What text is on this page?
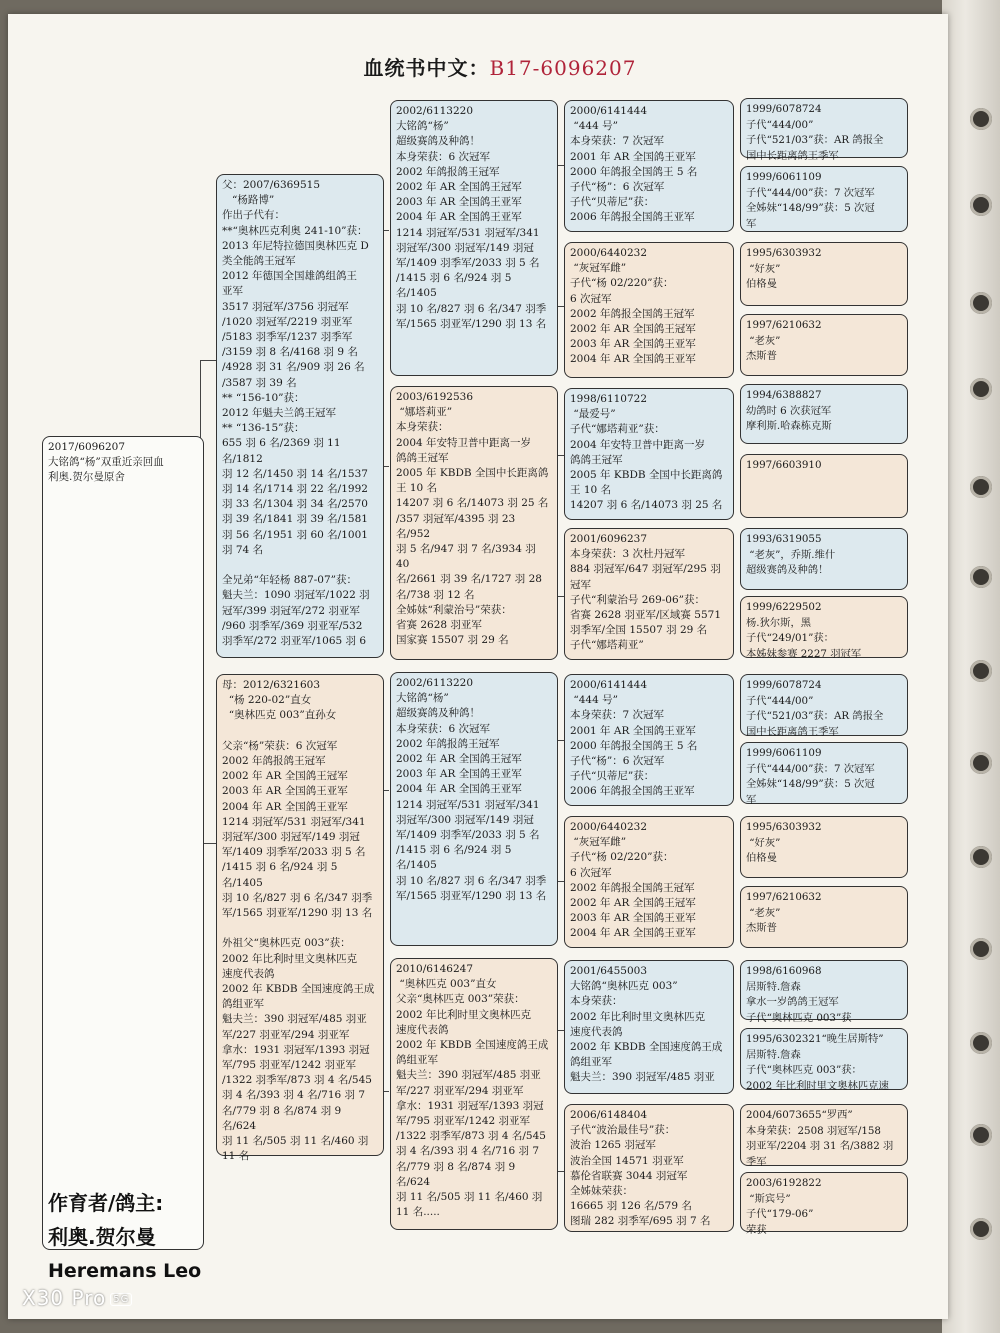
血统书中文：B17-6096207
2017/6096207
大铭鸽“杨”双重近亲回血
利奥.贺尔曼原舍
父：2007/6369515
“杨路博”
作出子代有：
**“奥林匹克利奥 241-10”获：
2013 年尼特拉德国奥林匹克 D
类全能鸽王冠军
2012 年德国全国雄鸽组鸽王
亚军
3517 羽冠军/3756 羽冠军
/1020 羽冠军/2219 羽亚军
/5183 羽季军/1237 羽季军
/3159 羽 8 名/4168 羽 9 名
/4928 羽 31 名/909 羽 26 名
/3587 羽 39 名
** “156-10”获：
2012 年魁夫兰鸽王冠军
** “136-15”获：
655 羽 6 名/2369 羽 11 名/1812
羽 12 名/1450 羽 14 名/1537
羽 14 名/1714 羽 22 名/1992
羽 33 名/1304 羽 34 名/2570
羽 39 名/1841 羽 39 名/1581
羽 56 名/1951 羽 60 名/1001
羽 74 名

全兄弟“年轻杨 887-07”获：
魁夫兰：1090 羽冠军/1022 羽
冠军/399 羽冠军/272 羽亚军
/960 羽季军/369 羽亚军/532
羽季军/272 羽亚军/1065 羽 6
母：2012/6321603
“杨 220-02”直女
“奥林匹克 003”直孙女

父亲“杨”荣获：6 次冠军
2002 年鸽报鸽王冠军
2002 年 AR 全国鸽王冠军
2003 年 AR 全国鸽王亚军
2004 年 AR 全国鸽王亚军
1214 羽冠军/531 羽冠军/341
羽冠军/300 羽冠军/149 羽冠
军/1409 羽季军/2033 羽 5 名
/1415 羽 6 名/924 羽 5 名/1405
羽 10 名/827 羽 6 名/347 羽季
军/1565 羽亚军/1290 羽 13 名

外祖父“奥林匹克 003”获：
2002 年比利时里文奥林匹克
速度代表鸽
2002 年 KBDB 全国速度鸽王成
鸽组亚军
魁夫兰：390 羽冠军/485 羽亚
军/227 羽亚军/294 羽亚军
拿水：1931 羽冠军/1393 羽冠
军/795 羽亚军/1242 羽亚军
/1322 羽季军/873 羽 4 名/545
羽 4 名/393 羽 4 名/716 羽 7
名/779 羽 8 名/874 羽 9 名/624
羽 11 名/505 羽 11 名/460 羽
11 名
2002/6113220
大铭鸽“杨”
超级赛鸽及种鸽！
本身荣获：6 次冠军
2002 年鸽报鸽王冠军
2002 年 AR 全国鸽王冠军
2003 年 AR 全国鸽王亚军
2004 年 AR 全国鸽王亚军
1214 羽冠军/531 羽冠军/341
羽冠军/300 羽冠军/149 羽冠
军/1409 羽季军/2033 羽 5 名
/1415 羽 6 名/924 羽 5 名/1405
羽 10 名/827 羽 6 名/347 羽季
军/1565 羽亚军/1290 羽 13 名
2003/6192536
“娜塔莉亚”
本身荣获：
2004 年安特卫普中距离一岁
鸽鸽王冠军
2005 年 KBDB 全国中长距离鸽
王 10 名
14207 羽 6 名/14073 羽 25 名
/357 羽冠军/4395 羽 23 名/952
羽 5 名/947 羽 7 名/3934 羽 40
名/2661 羽 39 名/1727 羽 28
名/738 羽 12 名
全姊妹“利蒙治号”荣获：
省赛 2628 羽亚军
国家赛 15507 羽 29 名
2002/6113220
大铭鸽“杨”
超级赛鸽及种鸽！
本身荣获：6 次冠军
2002 年鸽报鸽王冠军
2002 年 AR 全国鸽王冠军
2003 年 AR 全国鸽王亚军
2004 年 AR 全国鸽王亚军
1214 羽冠军/531 羽冠军/341
羽冠军/300 羽冠军/149 羽冠
军/1409 羽季军/2033 羽 5 名
/1415 羽 6 名/924 羽 5 名/1405
羽 10 名/827 羽 6 名/347 羽季
军/1565 羽亚军/1290 羽 13 名
2010/6146247
“奥林匹克 003”直女
父亲“奥林匹克 003”荣获：
2002 年比利时里文奥林匹克
速度代表鸽
2002 年 KBDB 全国速度鸽王成
鸽组亚军
魁夫兰：390 羽冠军/485 羽亚
军/227 羽亚军/294 羽亚军
拿水：1931 羽冠军/1393 羽冠
军/795 羽亚军/1242 羽亚军
/1322 羽季军/873 羽 4 名/545
羽 4 名/393 羽 4 名/716 羽 7
名/779 羽 8 名/874 羽 9 名/624
羽 11 名/505 羽 11 名/460 羽
11 名.....
2000/6141444
“444 号”
本身荣获：7 次冠军
2001 年 AR 全国鸽王亚军
2000 年鸽报全国鸽王 5 名
子代“杨”：6 次冠军
子代“贝蒂尼”获：
2006 年鸽报全国鸽王亚军
2000/6440232
“灰冠军雌”
子代“杨 02/220”获：
6 次冠军
2002 年鸽报全国鸽王冠军
2002 年 AR 全国鸽王冠军
2003 年 AR 全国鸽王亚军
2004 年 AR 全国鸽王亚军
1998/6110722
“最爱号”
子代“娜塔莉亚”获：
2004 年安特卫普中距离一岁
鸽鸽王冠军
2005 年 KBDB 全国中长距离鸽
王 10 名
14207 羽 6 名/14073 羽 25 名
2001/6096237
本身荣获：3 次杜丹冠军
884 羽冠军/647 羽冠军/295 羽
冠军
子代“利蒙治号 269-06”获：
省赛 2628 羽亚军/区域赛 5571
羽季军/全国 15507 羽 29 名
子代“娜塔莉亚”
2000/6141444
“444 号”
本身荣获：7 次冠军
2001 年 AR 全国鸽王亚军
2000 年鸽报全国鸽王 5 名
子代“杨”：6 次冠军
子代“贝蒂尼”获：
2006 年鸽报全国鸽王亚军
2000/6440232
“灰冠军雌”
子代“杨 02/220”获：
6 次冠军
2002 年鸽报全国鸽王冠军
2002 年 AR 全国鸽王冠军
2003 年 AR 全国鸽王亚军
2004 年 AR 全国鸽王亚军
2001/6455003
大铭鸽“奥林匹克 003”
本身荣获：
2002 年比利时里文奥林匹克
速度代表鸽
2002 年 KBDB 全国速度鸽王成
鸽组亚军
魁夫兰：390 羽冠军/485 羽亚
2006/6148404
子代“波治最佳号”获：
波治 1265 羽冠军
波治全国 14571 羽亚军
慕伦省联赛 3044 羽冠军
全姊妹荣获：
16665 羽 126 名/579 名
图瑞 282 羽季军/695 羽 7 名
1999/6078724
子代“444/00”
子代“521/03”获：AR 鸽报全
国中长距离鸽王季军
1999/6061109
子代“444/00”获：7 次冠军
全姊妹“148/99”获：5 次冠
军
1995/6303932
“好灰”
伯格曼
1997/6210632
“老灰”
杰斯普
1994/6388827
幼鸽时 6 次获冠军
摩利斯.哈森栋克斯
1997/6603910
1993/6319055
“老灰”，乔斯.维什
超级赛鸽及种鸽！
1999/6229502
杨.狄尔斯，黑
子代“249/01”获：
本姊妹参赛 2227 羽冠军
1999/6078724
子代“444/00”
子代“521/03”获：AR 鸽报全
国中长距离鸽王季军
1999/6061109
子代“444/00”获：7 次冠军
全姊妹“148/99”获：5 次冠
军
1995/6303932
“好灰”
伯格曼
1997/6210632
“老灰”
杰斯普
1998/6160968
居斯特.詹森
拿水一岁鸽鸽王冠军
子代“奥林匹克 003”获
1995/6302321“晚生居斯特”
居斯特.詹森
子代“奥林匹克 003”获：
2002 年比利时里文奥林匹克速
2004/6073655“罗西”
本身荣获：2508 羽冠军/158
羽亚军/2204 羽 31 名/3882 羽
季军
2003/6192822
“斯宾号”
子代“179-06”
荣获
作育者/鸽主:
利奥.贺尔曼
Heremans Leo
X30 Pro 5G
